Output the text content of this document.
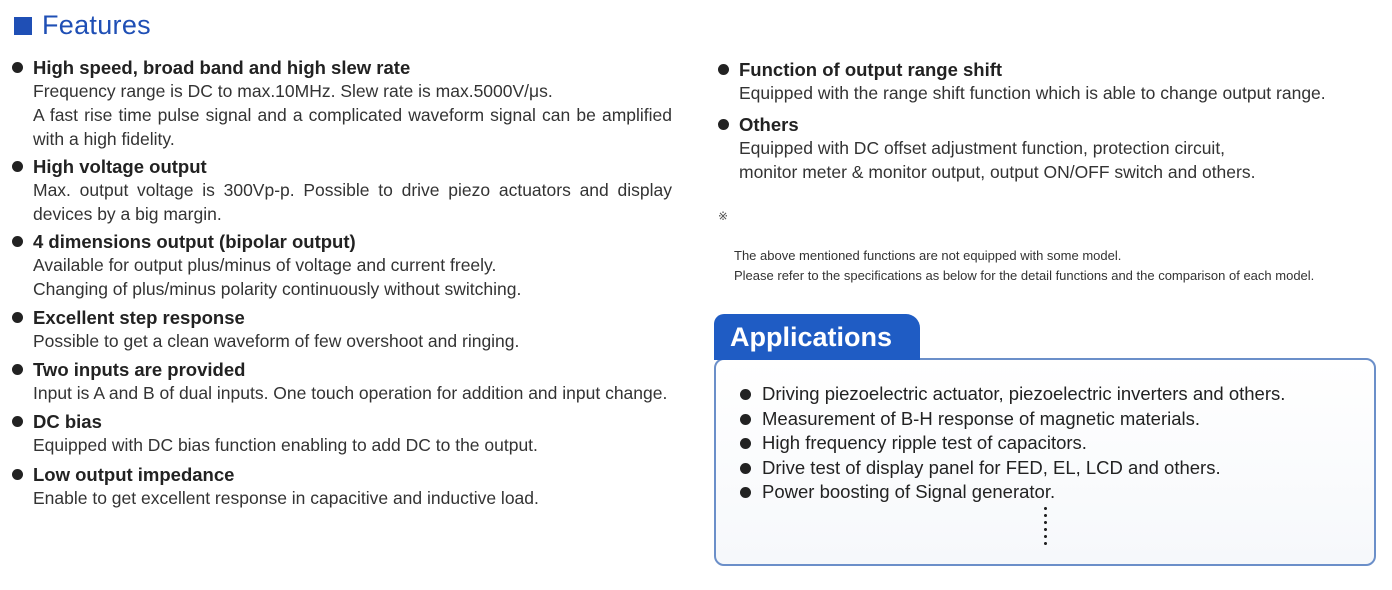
Features
High speed, broad band and high slew rate
Frequency range is DC to max.10MHz. Slew rate is max.5000V/μs.
A fast rise time pulse signal and a complicated waveform signal can be amplified with a high fidelity.
High voltage output
Max. output voltage is 300Vp-p. Possible to drive piezo actuators and display devices by a big margin.
4 dimensions output (bipolar output)
Available for output plus/minus of voltage and current freely.
Changing of plus/minus polarity continuously without switching.
Excellent step response
Possible to get a clean waveform of few overshoot and ringing.
Two inputs are provided
Input is A and B of dual inputs. One touch operation for addition and input change.
DC bias
Equipped with DC bias function enabling to add DC to the output.
Low output impedance
Enable to get excellent response in capacitive and inductive load.
Function of output range shift
Equipped with the range shift function which is able to change output range.
Others
Equipped with DC offset adjustment function, protection circuit,
monitor meter & monitor output, output ON/OFF switch and others.

※

The above mentioned functions are not equipped with some model.
Please refer to the specifications as below for the detail functions and the comparison of each model.

Driving piezoelectric actuator, piezoelectric inverters and others.
Measurement of B-H response of magnetic materials.
High frequency ripple test of capacitors.
Drive test of display panel for FED, EL, LCD and others.
Power boosting of Signal generator.
Applications
